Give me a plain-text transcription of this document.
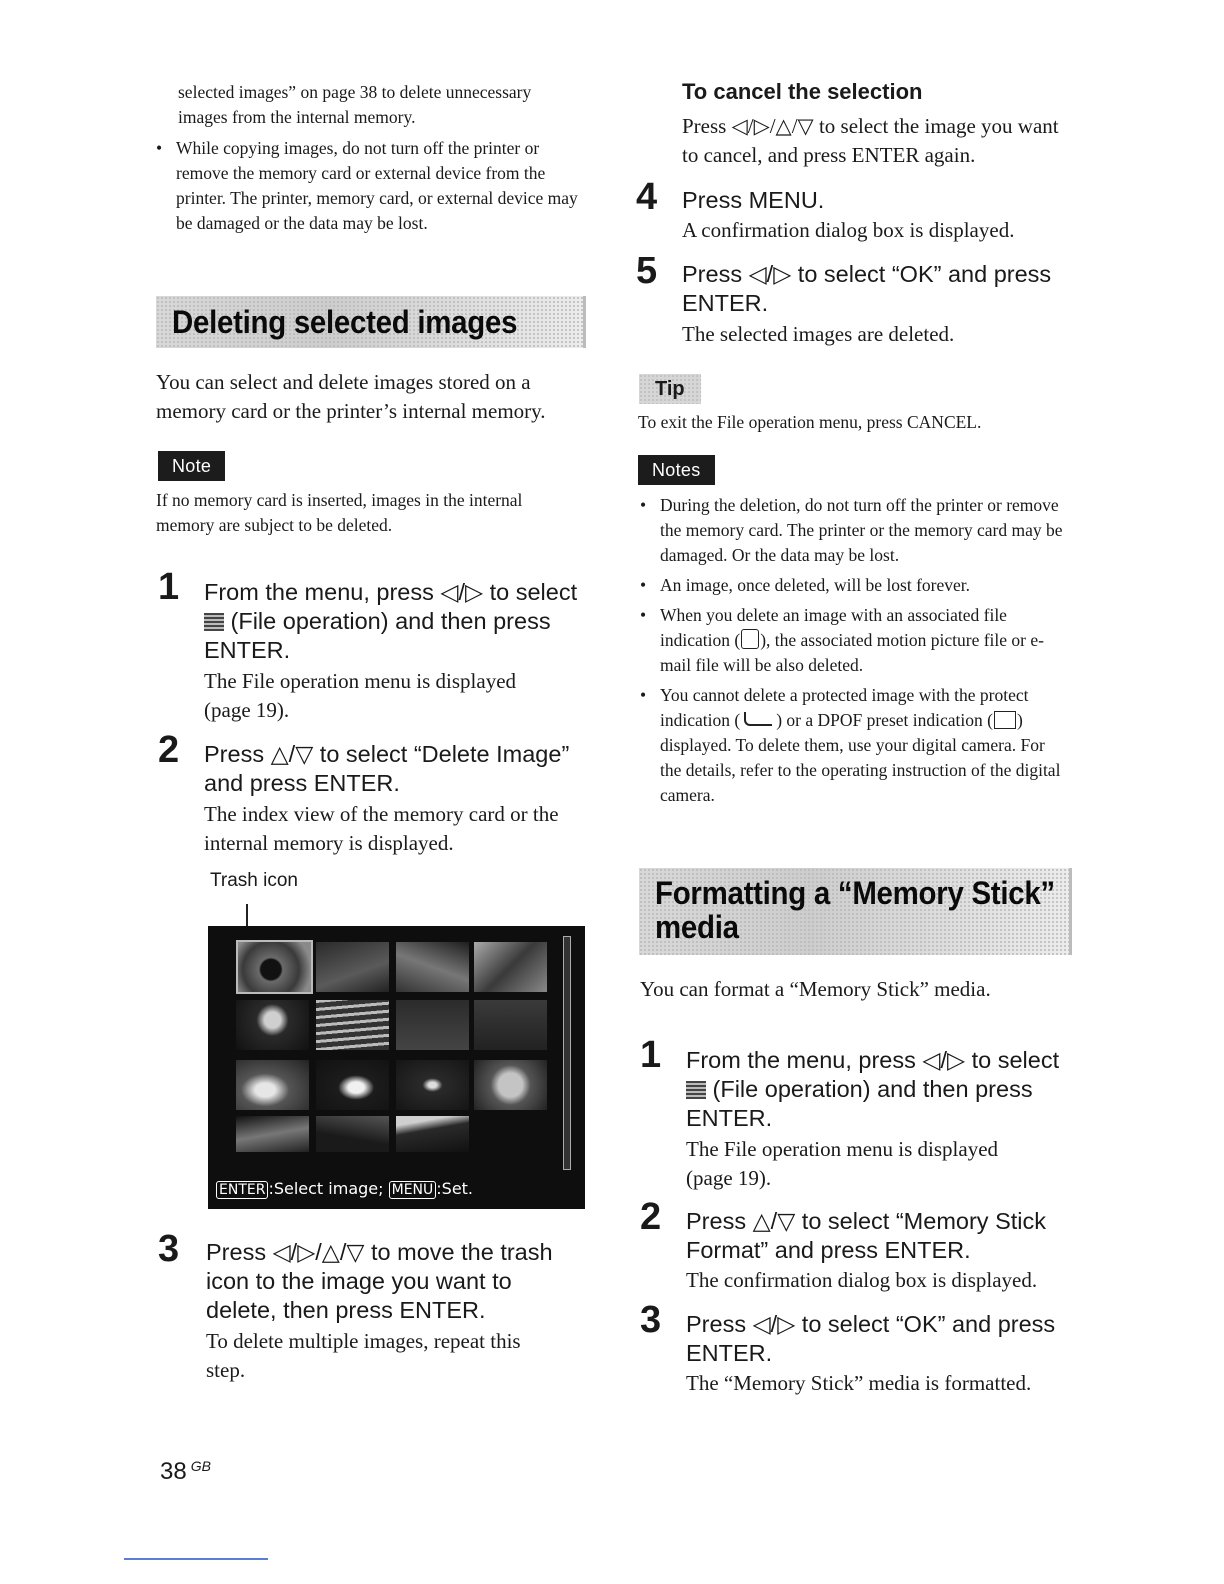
selected images” on page 38 to delete unnecessary
images from the internal memory.
• While copying images, do not turn off the printer or remove the memory card or external device from the printer. The printer, memory card, or external device may be damaged or the data may be lost.
Deleting selected images
You can select and delete images stored on a memory card or the printer’s internal memory.
Note
If no memory card is inserted, images in the internal memory are subject to be deleted.
1 From the menu, press ◁/▷ to select
(File operation) and then press ENTER.
The File operation menu is displayed (page 19).
2 Press △/▽ to select “Delete Image” and press ENTER.
The index view of the memory card or the internal memory is displayed.
Trash icon
ENTER :Select image; MENU :Set.
3 Press ◁/▷/△/▽ to move the trash icon to the image you want to delete, then press ENTER.
To delete multiple images, repeat this step.
38 $^{GB}$
To cancel the selection
Press ◁/▷/△/▽ to select the image you want to cancel, and press ENTER again.
4 Press MENU.
A confirmation dialog box is displayed.
5 Press ◁/▷ to select “OK” and press ENTER.
The selected images are deleted.
Tip
To exit the File operation menu, press CANCEL.
Notes
• During the deletion, do not turn off the printer or remove the memory card. The printer or the memory card may be damaged. Or the data may be lost.
• An image, once deleted, will be lost forever.
• When you delete an image with an associated file indication ( ), the associated motion picture file or e-mail file will be also deleted.
• You cannot delete a protected image with the protect indication ( ) or a DPOF preset indication ( ) displayed. To delete them, use your digital camera. For the details, refer to the operating instruction of the digital camera.
Formatting a “Memory Stick”
media
You can format a “Memory Stick” media.
1 From the menu, press ◁/▷ to select
(File operation) and then press ENTER.
The File operation menu is displayed (page 19).
2 Press △/▽ to select “Memory Stick Format” and press ENTER.
The confirmation dialog box is displayed.
3 Press ◁/▷ to select “OK” and press ENTER.
The “Memory Stick” media is formatted.
